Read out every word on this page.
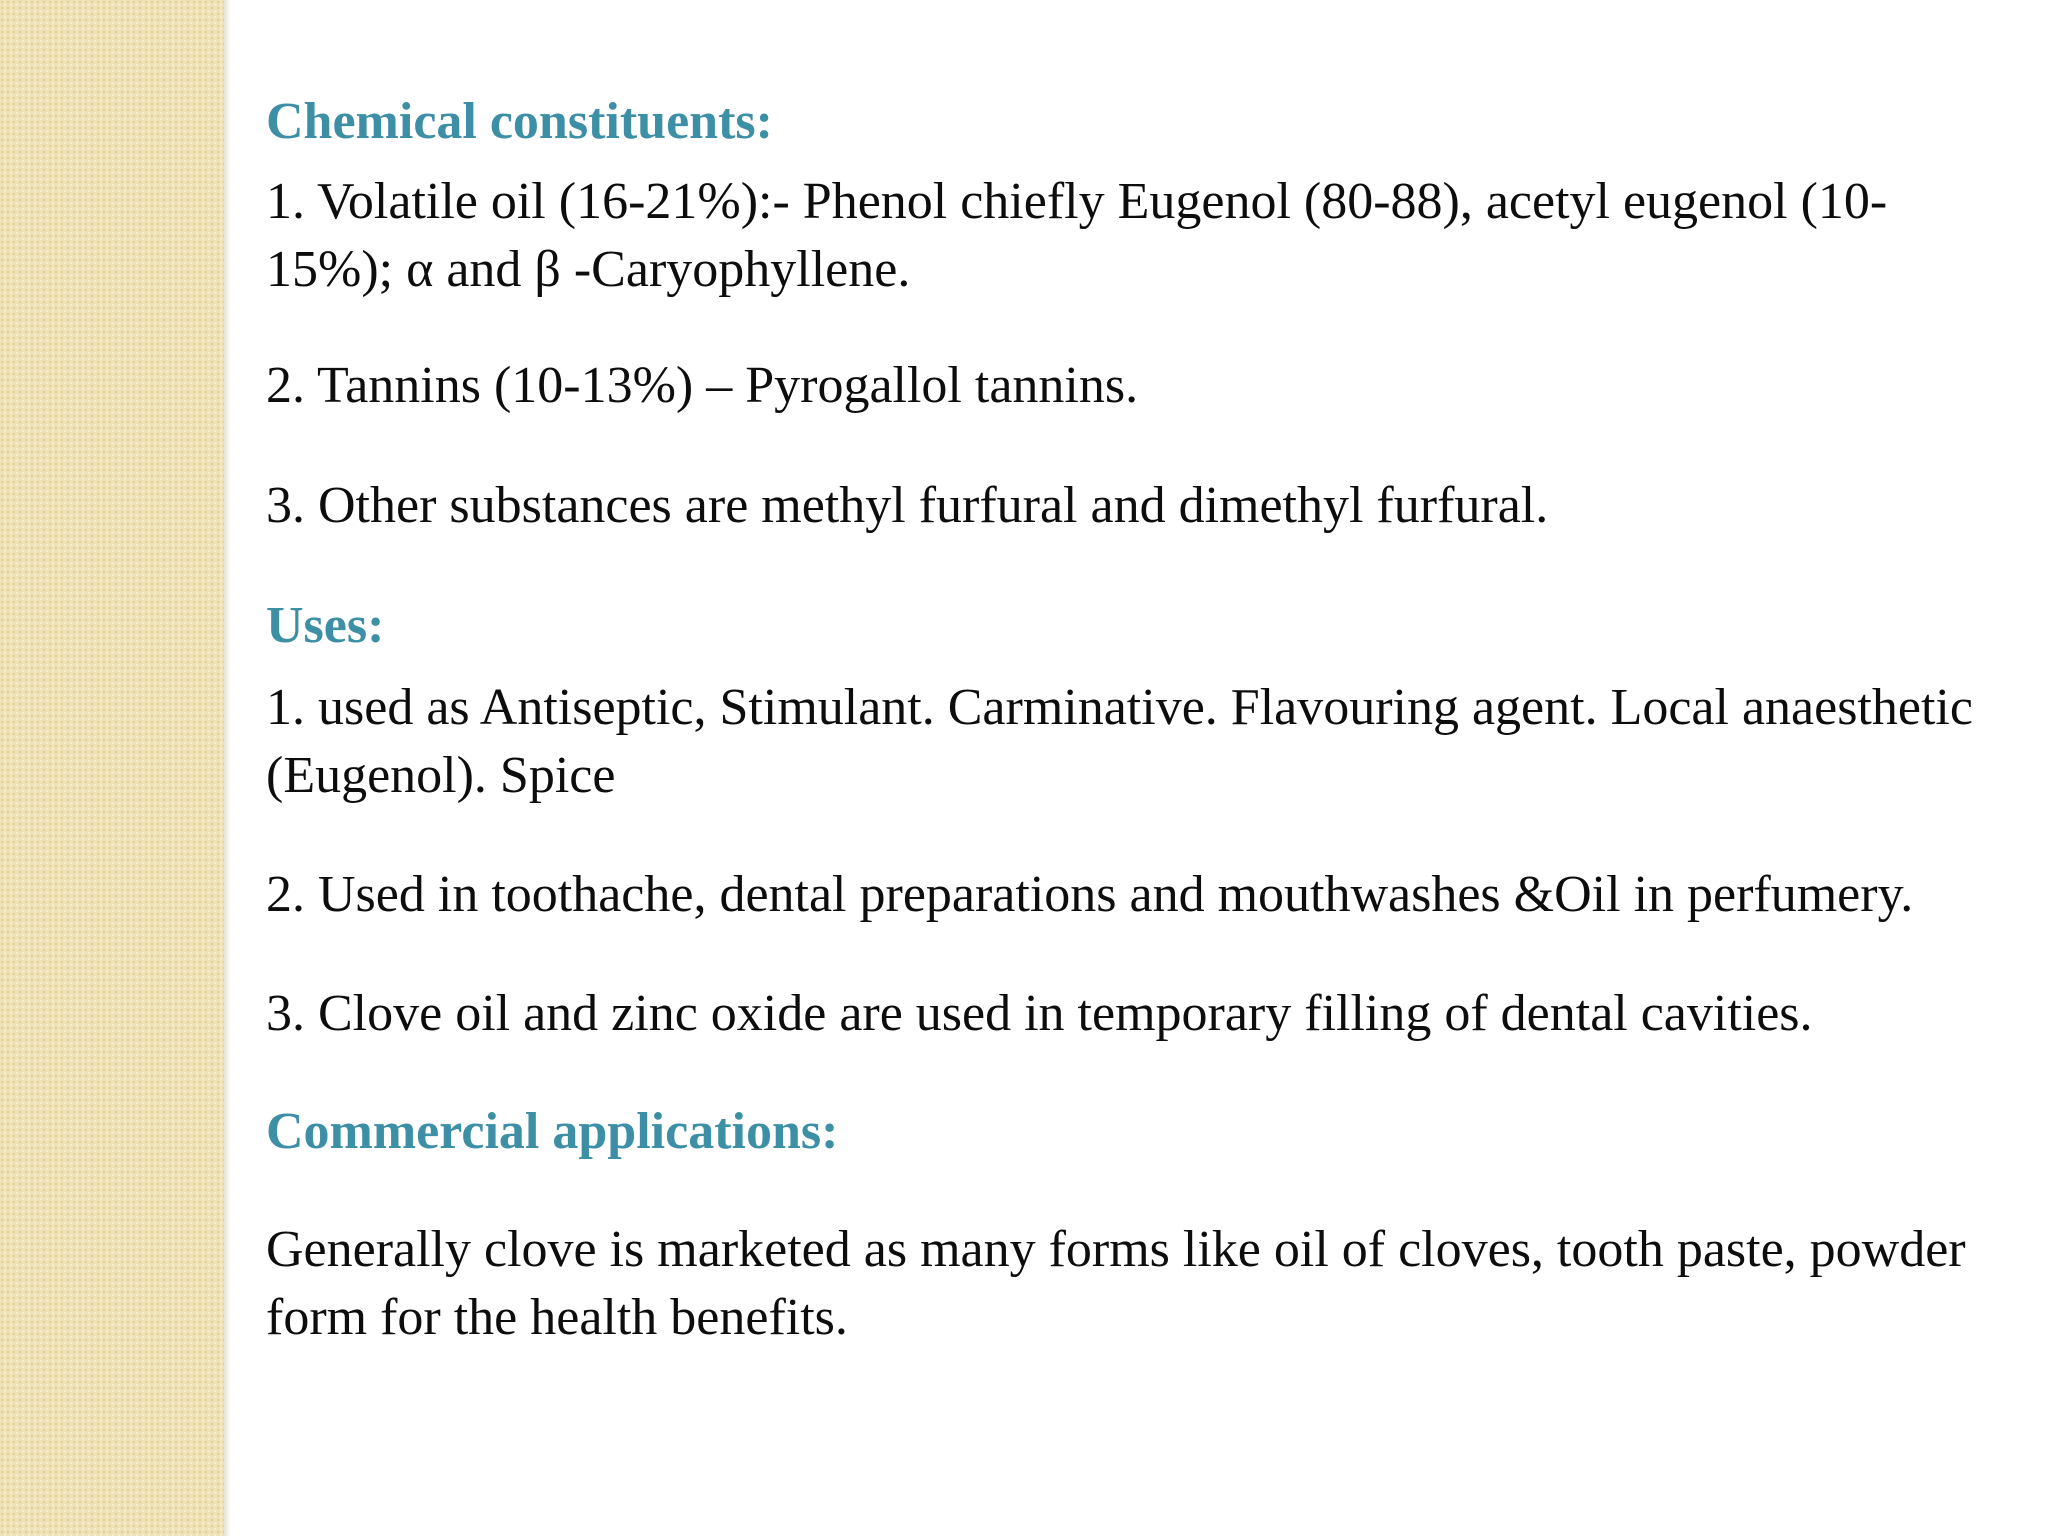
Chemical constituents:

1. Volatile oil (16-21%):- Phenol chiefly Eugenol (80-88), acetyl eugenol (10- 15%); α and β -Caryophyllene.

2. Tannins (10-13%) – Pyrogallol tannins.

3. Other substances are methyl furfural and dimethyl furfural.

Uses:

1. used as Antiseptic, Stimulant. Carminative. Flavouring agent. Local anaesthetic (Eugenol). Spice

2. Used in toothache, dental preparations and mouthwashes &Oil in perfumery.

3. Clove oil and zinc oxide are used in temporary filling of dental cavities.

Commercial applications:

Generally clove is marketed as many forms like oil of cloves, tooth paste, powder form for the health benefits.
